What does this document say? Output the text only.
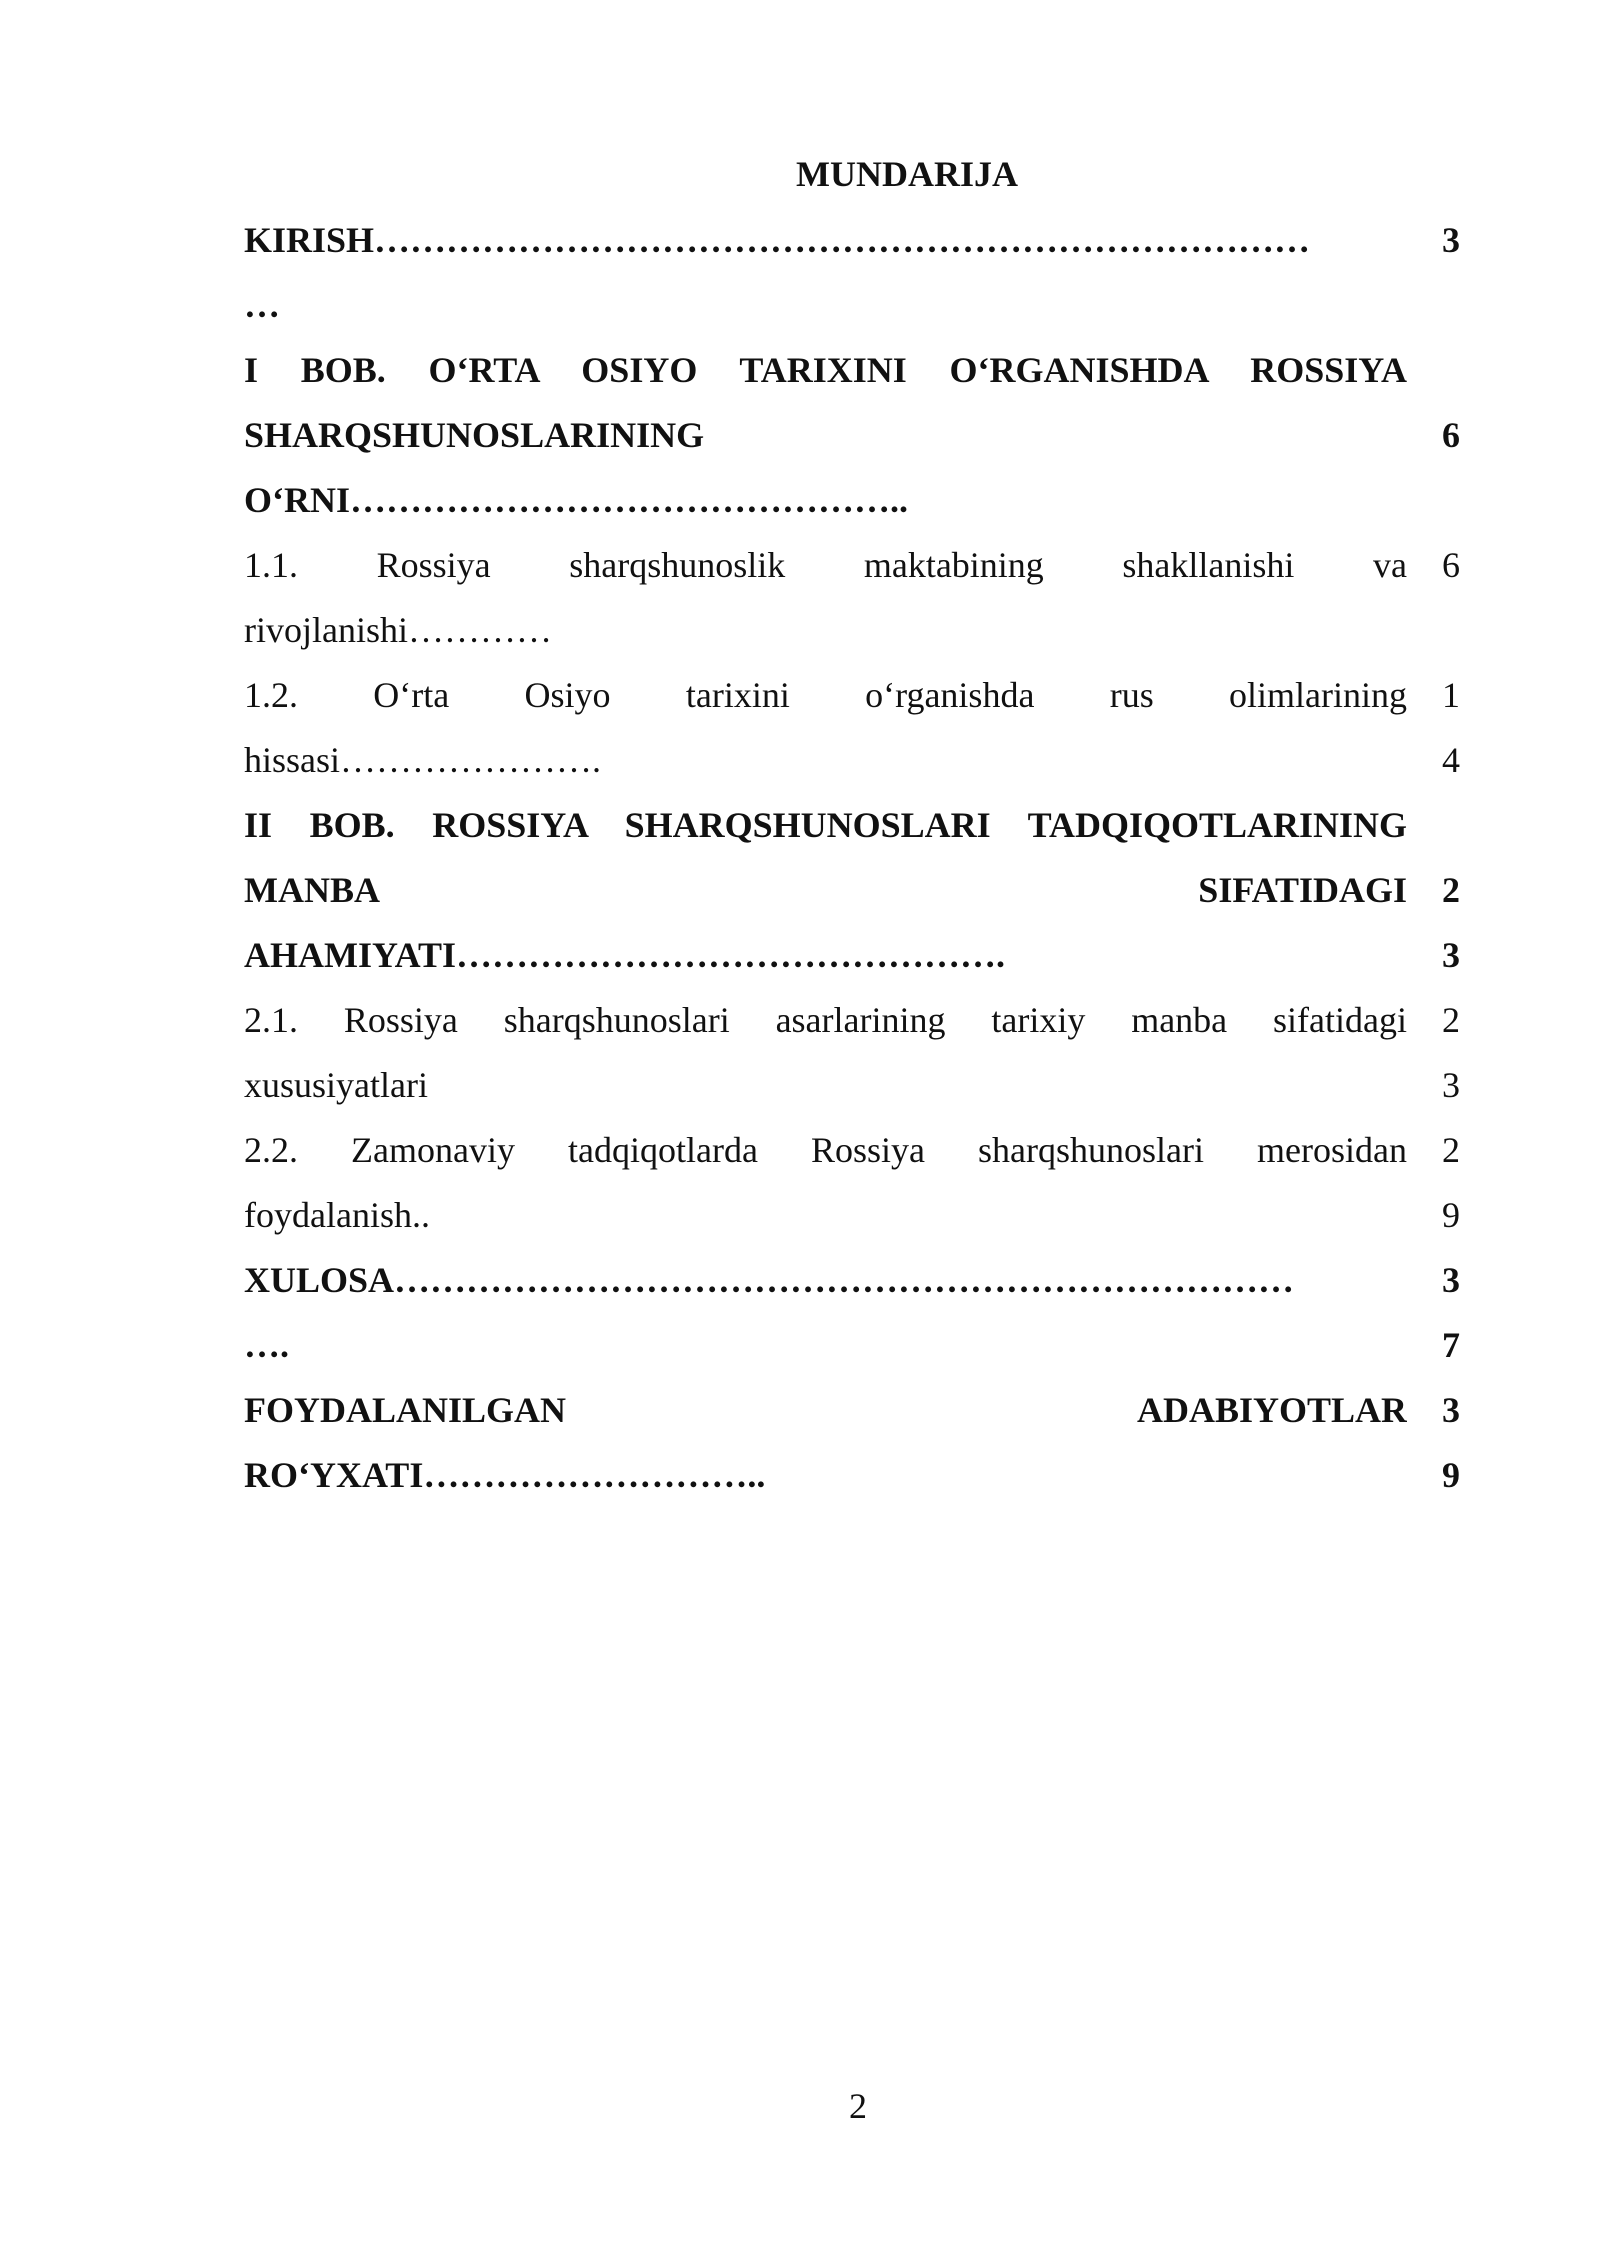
MUNDARIJA
KIRISH……………………………………………………………………
…
3
I BOB. O‘RTA OSIYO TARIXINI O‘RGANISHDA ROSSIYA
SHARQSHUNOSLARINING
O‘RNI………………………………………..
6
1.1. Rossiya sharqshunoslik maktabining shakllanishi va
rivojlanishi…………
6
1.2. O‘rta Osiyo tarixini o‘rganishda rus olimlarining
hissasi………………….
1
4
II BOB. ROSSIYA SHARQSHUNOSLARI TADQIQOTLARINING
MANBA SIFATIDAGI
AHAMIYATI……………………………………….
2
3
2.1. Rossiya sharqshunoslari asarlarining tarixiy manba sifatidagi
xususiyatlari
2
3
2.2. Zamonaviy tadqiqotlarda Rossiya sharqshunoslari merosidan
foydalanish..
2
9
XULOSA…………………………………………………………………
….
3
7
FOYDALANILGAN ADABIYOTLAR
RO‘YXATI………………………..
3
9
2
